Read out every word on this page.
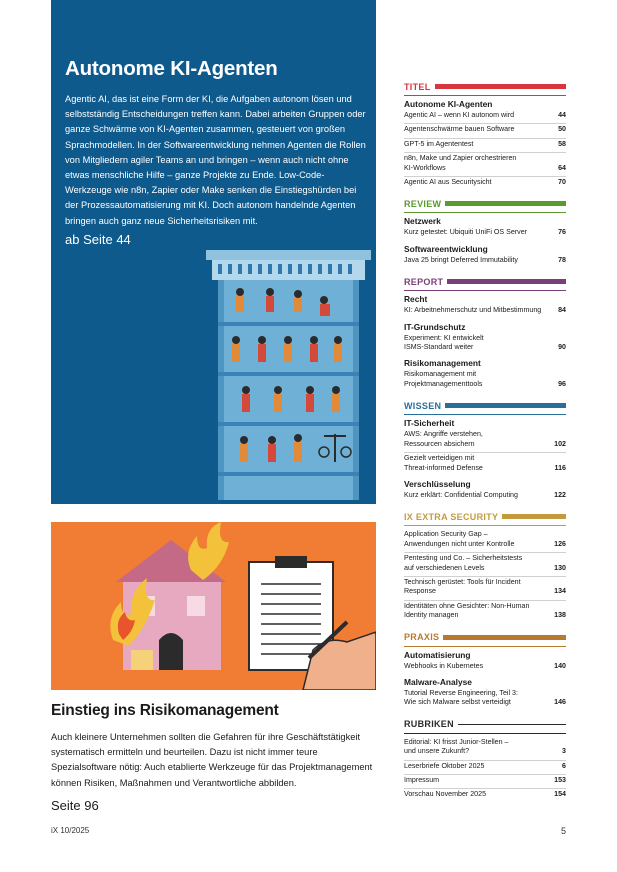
Autonome KI-Agenten

Agentic AI, das ist eine Form der KI, die Aufgaben autonom lösen und selbstständig Entscheidungen treffen kann. Dabei arbeiten Gruppen oder ganze Schwärme von KI-Agenten zusammen, gesteuert von großen Sprachmodellen. In der Softwareentwicklung nehmen Agenten die Rollen von Mitgliedern agiler Teams an und bringen – wenn auch nicht ohne etwas menschliche Hilfe – ganze Projekte zu Ende. Low-Code-Werkzeuge wie n8n, Zapier oder Make senken die Einstiegshürden bei der Prozessautomatisierung mit KI. Doch autonom handelnde Agenten bringen auch ganz neue Sicherheitsrisiken mit.

ab Seite 44
Einstieg ins Risikomanagement

Auch kleinere Unternehmen sollten die Gefahren für ihre Geschäftstätigkeit systematisch ermitteln und beurteilen. Dazu ist nicht immer teure Spezialsoftware nötig: Auch etablierte Werkzeuge für das Projektmanagement können Risiken, Maßnahmen und Verantwortliche abbilden.

Seite 96
iX 10/2025	5
TITEL
Autonome KI-Agenten
Agentic AI – wenn KI autonom wird	44
Agentenschwärme bauen Software	50
GPT-5 im Agententest	58
n8n, Make und Zapier orchestrieren
KI-Workflows	64
Agentic AI aus Securitysicht	70
REVIEW
Netzwerk
Kurz getestet: Ubiquiti UniFi OS Server	76
Softwareentwicklung
Java 25 bringt Deferred Immutability	78
REPORT
Recht
KI: Arbeitnehmerschutz und Mitbestimmung	84
IT-Grundschutz
Experiment: KI entwickelt
ISMS-Standard weiter	90
Risikomanagement
Risikomanagement mit
Projektmanagementtools	96
WISSEN
IT-Sicherheit
AWS: Angriffe verstehen,
Ressourcen absichern	102
Gezielt verteidigen mit
Threat-informed Defense	116
Verschlüsselung
Kurz erklärt: Confidential Computing	122
IX EXTRA SECURITY
Application Security Gap –
Anwendungen nicht unter Kontrolle	126
Pentesting und Co. – Sicherheitstests
auf verschiedenen Levels	130
Technisch gerüstet: Tools für Incident
Response	134
Identitäten ohne Gesichter: Non-Human
Identity managen	138
PRAXIS
Automatisierung
Webhooks in Kubernetes	140
Malware-Analyse
Tutorial Reverse Engineering, Teil 3:
Wie sich Malware selbst verteidigt	146
RUBRIKEN
Editorial: KI frisst Junior-Stellen –
und unsere Zukunft?	3
Leserbriefe Oktober 2025	6
Impressum	153
Vorschau November 2025	154
